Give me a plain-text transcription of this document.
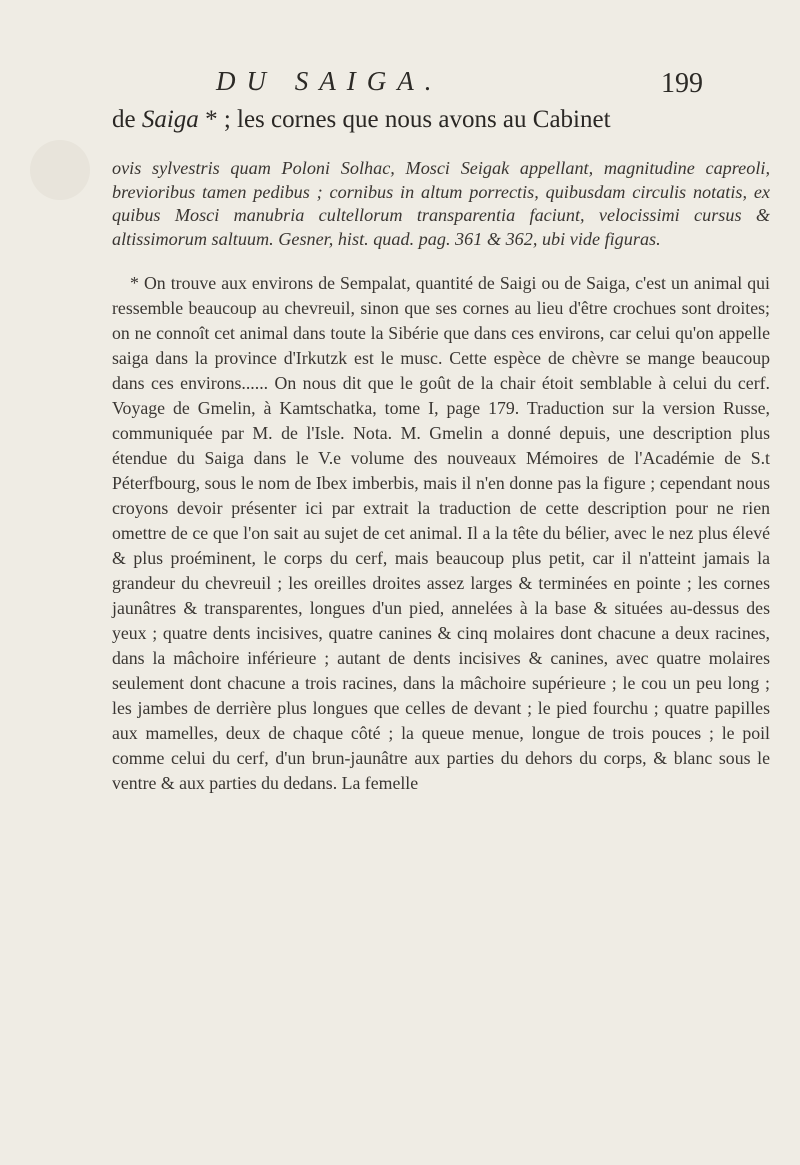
DU SAIGA.	199
de Saiga * ; les cornes que nous avons au Cabinet
ovis sylvestris quam Poloni Solhac, Mosci Seigak appellant, magnitudine capreoli, brevioribus tamen pedibus ; cornibus in altum porrectis, quibusdam circulis notatis, ex quibus Mosci manubria cultellorum transparentia faciunt, velocissimi cursus & altissimorum saltuum. Gesner, hist. quad. pag. 361 & 362, ubi vide figuras.

* On trouve aux environs de Sempalat, quantité de Saigi ou de Saiga, c'est un animal qui ressemble beaucoup au chevreuil, sinon que ses cornes au lieu d'être crochues sont droites; on ne connoît cet animal dans toute la Sibérie que dans ces environs, car celui qu'on appelle saiga dans la province d'Irkutzk est le musc. Cette espèce de chèvre se mange beaucoup dans ces environs...... On nous dit que le goût de la chair étoit semblable à celui du cerf. Voyage de Gmelin, à Kamtschatka, tome I, page 179. Traduction sur la version Russe, communiquée par M. de l'Isle. Nota. M. Gmelin a donné depuis, une description plus étendue du Saiga dans le V.e volume des nouveaux Mémoires de l'Académie de S.t Péterfbourg, sous le nom de Ibex imberbis, mais il n'en donne pas la figure ; cependant nous croyons devoir présenter ici par extrait la traduction de cette description pour ne rien omettre de ce que l'on sait au sujet de cet animal. Il a la tête du bélier, avec le nez plus élevé & plus proéminent, le corps du cerf, mais beaucoup plus petit, car il n'atteint jamais la grandeur du chevreuil ; les oreilles droites assez larges & terminées en pointe ; les cornes jaunâtres & transparentes, longues d'un pied, annelées à la base & situées au-dessus des yeux ; quatre dents incisives, quatre canines & cinq molaires dont chacune a deux racines, dans la mâchoire inférieure ; autant de dents incisives & canines, avec quatre molaires seulement dont chacune a trois racines, dans la mâchoire supérieure ; le cou un peu long ; les jambes de derrière plus longues que celles de devant ; le pied fourchu ; quatre papilles aux mamelles, deux de chaque côté ; la queue menue, longue de trois pouces ; le poil comme celui du cerf, d'un brun-jaunâtre aux parties du dehors du corps, & blanc sous le ventre & aux parties du dedans. La femelle
